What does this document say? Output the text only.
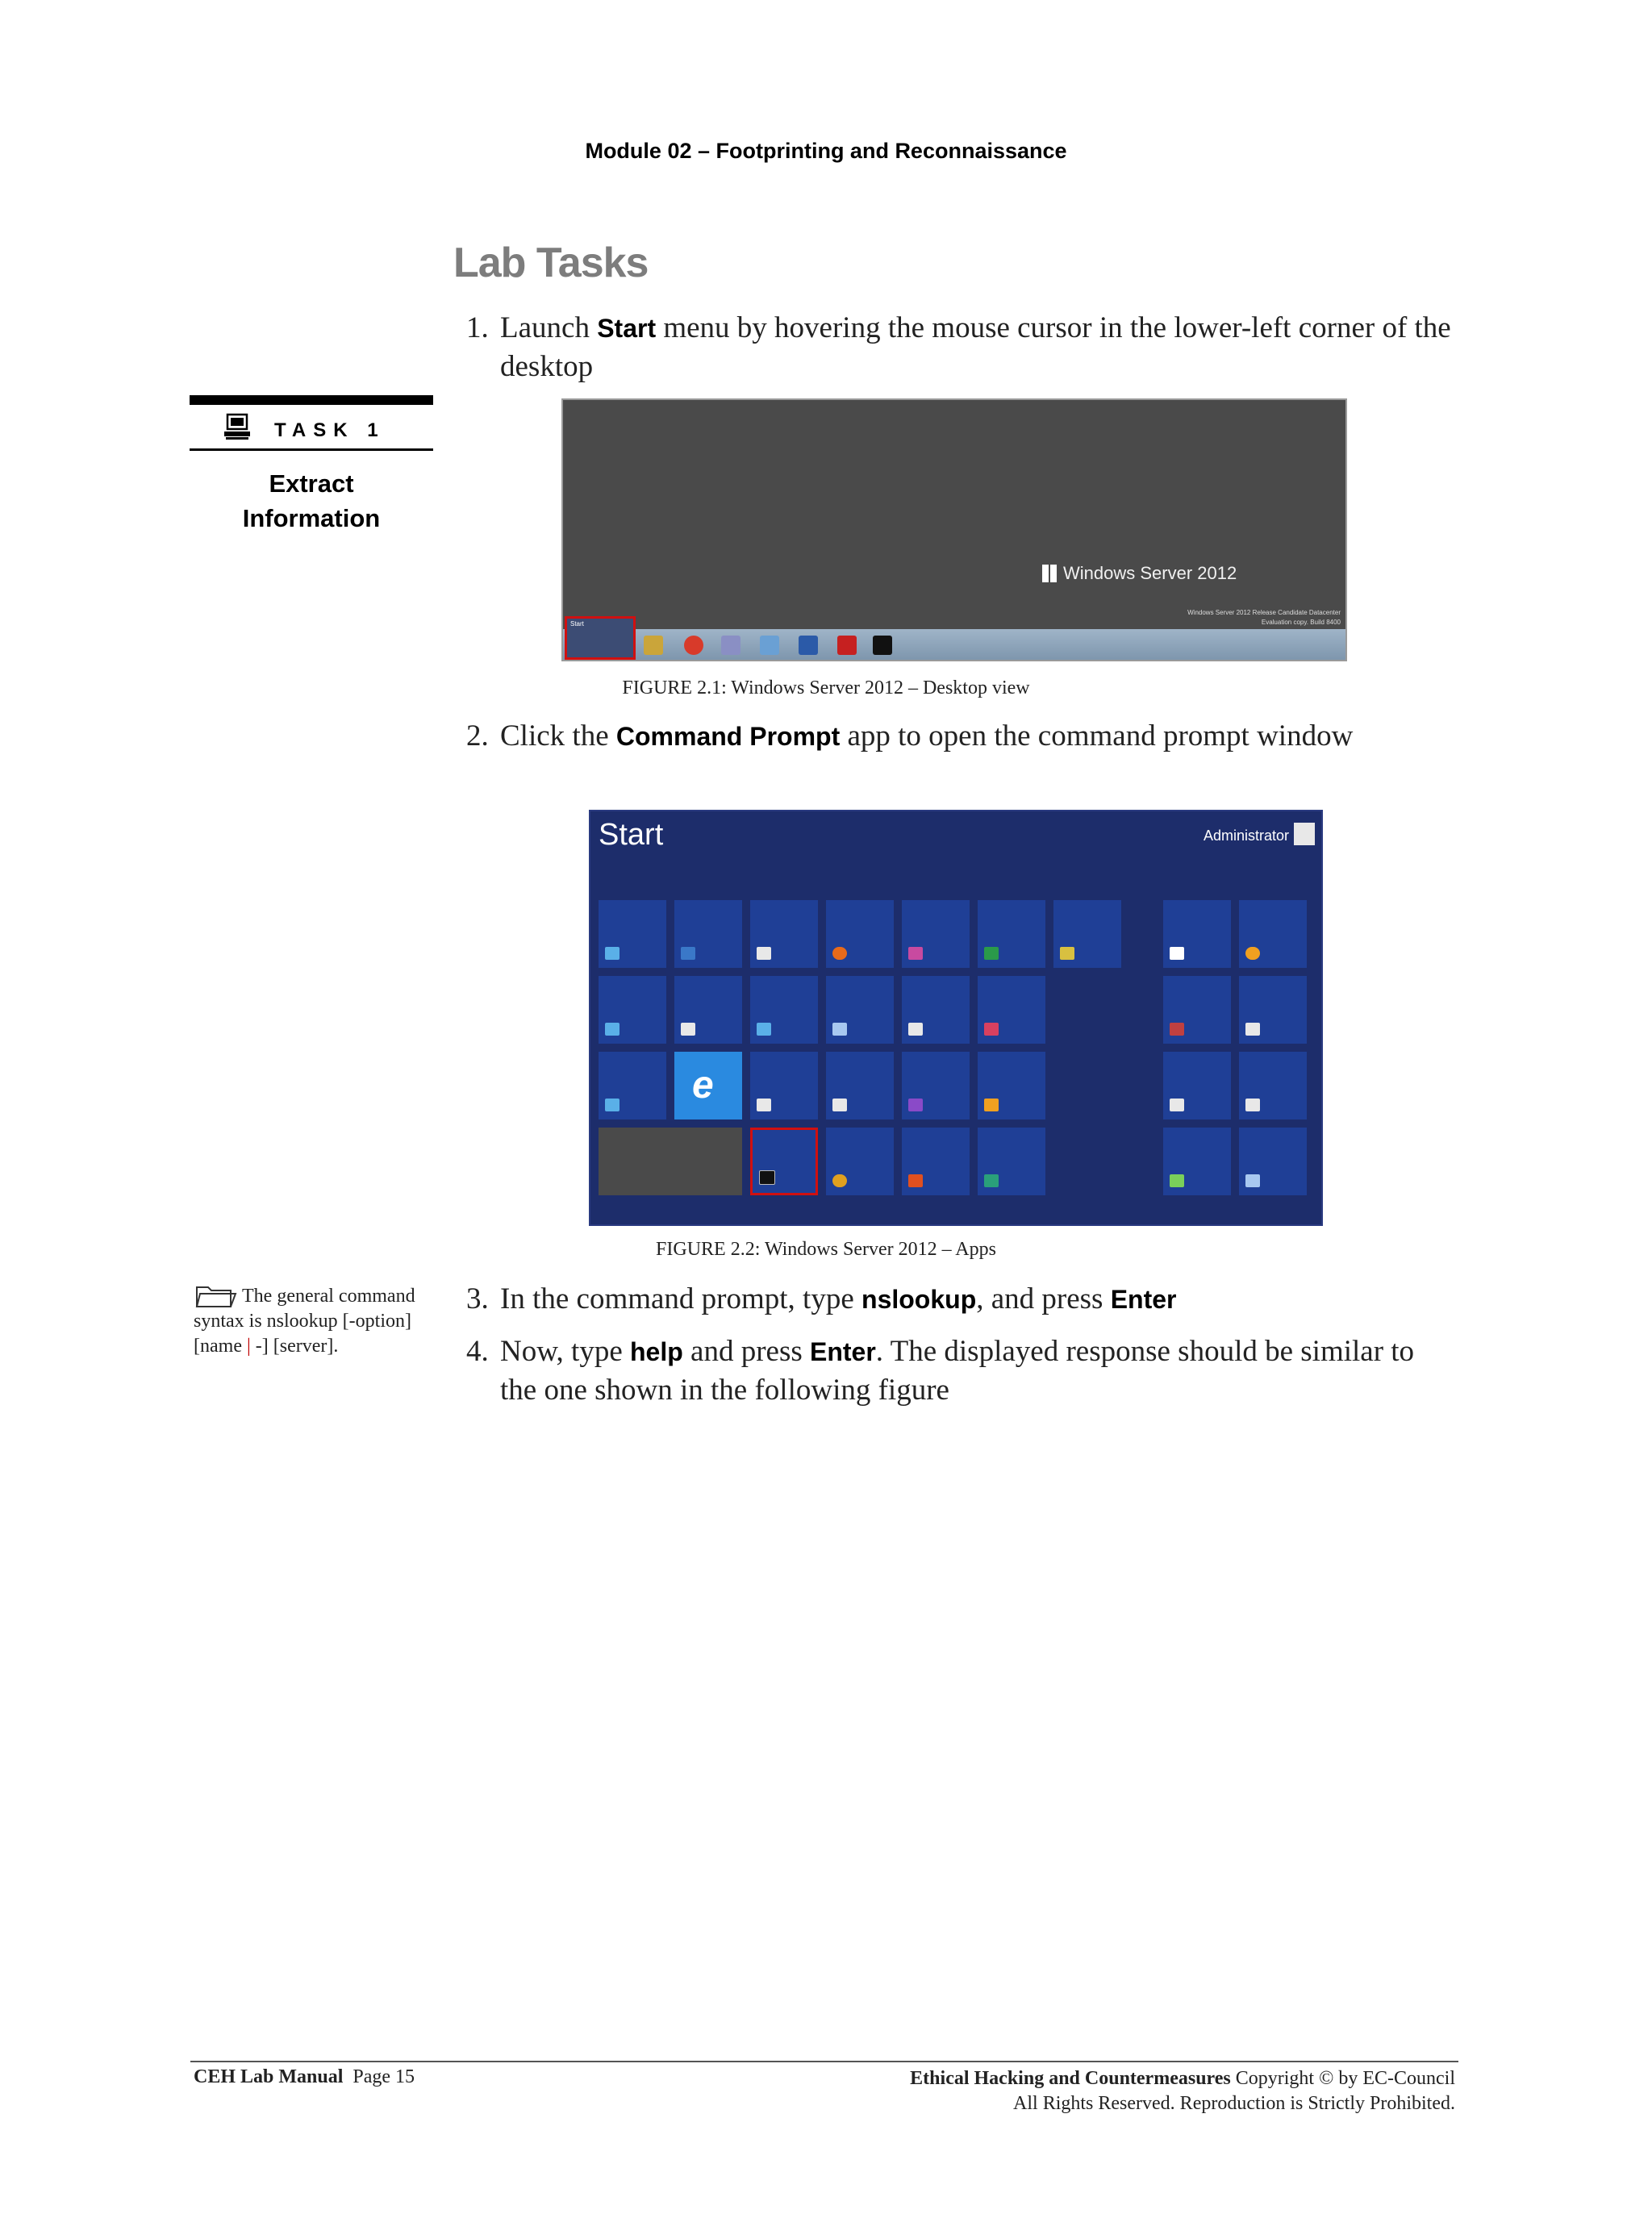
Module 02 – Footprinting and Reconnaissance
Lab Tasks
TASK 1
Extract
Information
1. Launch Start menu by hovering the mouse cursor in the lower-left corner of the desktop
Windows Server 2012
Windows Server 2012 Release Candidate Datacenter
Evaluation copy. Build 8400
Start
FIGURE 2.1: Windows Server 2012 – Desktop view
2. Click the Command Prompt app to open the command prompt window
Start	Administrator
e
FIGURE 2.2: Windows Server 2012 – Apps
The general command syntax is nslookup [-option] [name | -] [server].
3. In the command prompt, type nslookup, and press Enter
4. Now, type help and press Enter. The displayed response should be similar to the one shown in the following figure
CEH Lab Manual Page 15	Ethical Hacking and Countermeasures Copyright © by EC-Council
All Rights Reserved. Reproduction is Strictly Prohibited.
